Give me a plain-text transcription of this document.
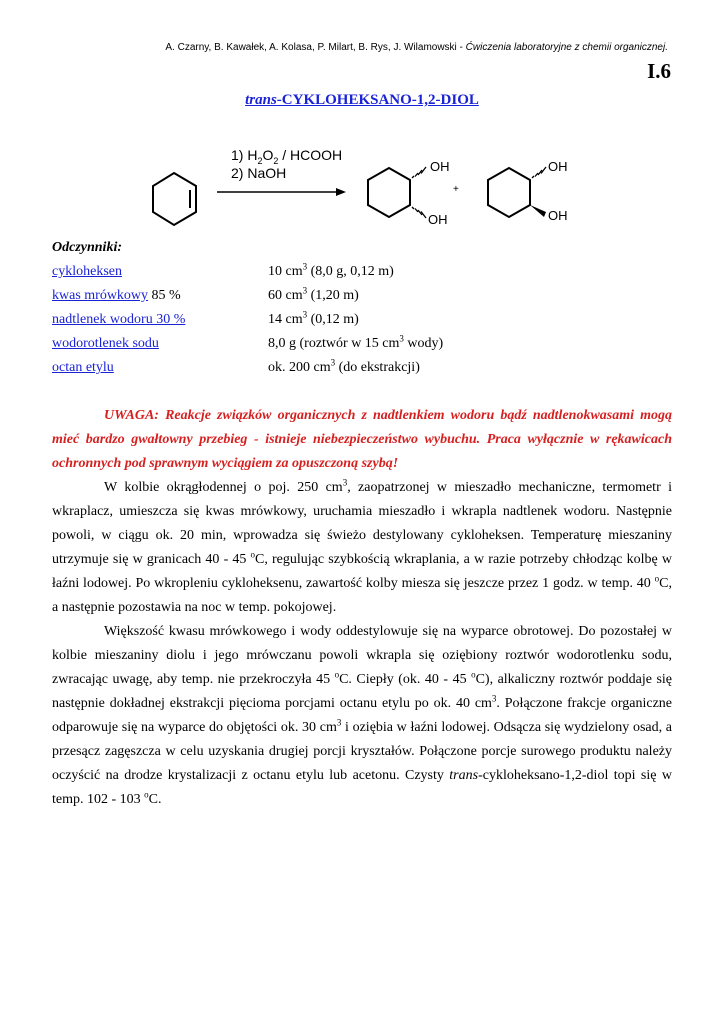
A. Czarny, B. Kawałek, A. Kolasa, P. Milart, B. Rys, J. Wilamowski - Ćwiczenia laboratoryjne z chemii organicznej.
I.6
trans-CYKLOHEKSANO-1,2-DIOL
1) $H_2O_2$ / HCOOH
2) NaOH	OH
OH
+
OH
OH
Odczynniki:
cykloheksen	10 $cm^3$ (8,0 g, 0,12 m)
kwas mrówkowy 85 %	60 $cm^3$ (1,20 m)
nadtlenek wodoru 30 %	14 $cm^3$ (0,12 m)
wodorotlenek sodu	8,0 g (roztwór w 15 $cm^3$ wody)
octan etylu	ok. 200 $cm^3$ (do ekstrakcji)
UWAGA: Reakcje związków organicznych z nadtlenkiem wodoru bądź nadtlenokwasami mogą mieć bardzo gwałtowny przebieg - istnieje niebezpieczeństwo wybuchu. Praca wyłącznie w rękawicach ochronnych pod sprawnym wyciągiem za opuszczoną szybą!
W kolbie okrągłodennej o poj. 250 $cm^3$, zaopatrzonej w mieszadło mechaniczne, termometr i wkraplacz, umieszcza się kwas mrówkowy, uruchamia mieszadło i wkrapla nadtlenek wodoru. Następnie powoli, w ciągu ok. 20 min, wprowadza się świeżo destylowany cykloheksen. Temperaturę mieszaniny utrzymuje się w granicach 40 - 45 $^o$C, regulując szybkością wkraplania, a w razie potrzeby chłodząc kolbę w łaźni lodowej. Po wkropleniu cykloheksenu, zawartość kolby miesza się jeszcze przez 1 godz. w temp. 40 $^o$C, a następnie pozostawia na noc w temp. pokojowej.
Większość kwasu mrówkowego i wody oddestylowuje się na wyparce obrotowej. Do pozostałej w kolbie mieszaniny diolu i jego mrówczanu powoli wkrapla się oziębiony roztwór wodorotlenku sodu, zwracając uwagę, aby temp. nie przekroczyła 45 $^o$C. Ciepły (ok. 40 - 45 $^o$C), alkaliczny roztwór poddaje się następnie dokładnej ekstrakcji pięcioma porcjami octanu etylu po ok. 40 $cm^3$. Połączone frakcje organiczne odparowuje się na wyparce do objętości ok. 30 $cm^3$ i oziębia w łaźni lodowej. Odsącza się wydzielony osad, a przesącz zagęszcza w celu uzyskania drugiej porcji kryształów. Połączone porcje surowego produktu należy oczyścić na drodze krystalizacji z octanu etylu lub acetonu. Czysty trans-cykloheksano-1,2-diol topi się w temp. 102 - 103 $^o$C.
